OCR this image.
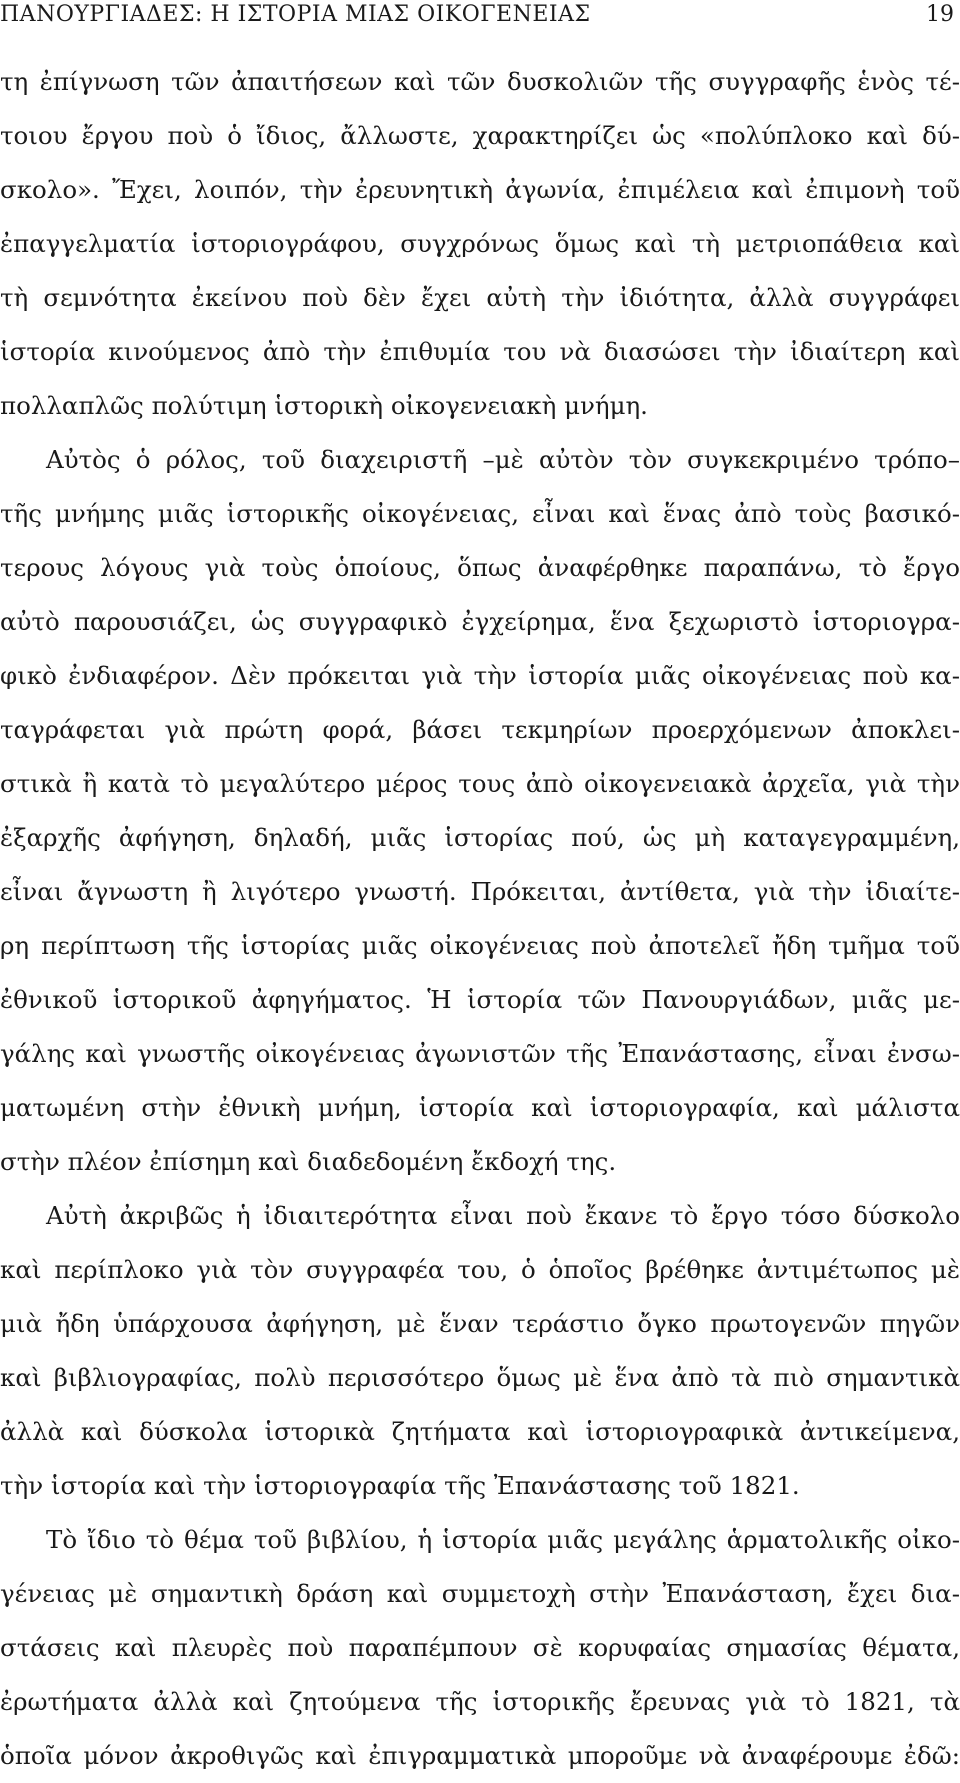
ΠΑΝΟΥΡΓΙΑΔΕΣ: Η ΙΣΤΟΡΙΑ ΜΙΑΣ ΟΙΚΟΓΕΝΕΙΑΣ	19
τη ἐπίγνωση τῶν ἀπαιτήσεων καὶ τῶν δυσκολιῶν τῆς συγγραφῆς ἑνὸς τέ-
τοιου ἔργου ποὺ ὁ ἴδιος, ἄλλωστε, χαρακτηρίζει ὡς «πολύπλοκο καὶ δύ-
σκολο». Ἔχει, λοιπόν, τὴν ἐρευνητικὴ ἀγωνία, ἐπιμέλεια καὶ ἐπιμονὴ τοῦ
ἐπαγγελματία ἱστοριογράφου, συγχρόνως ὅμως καὶ τὴ μετριοπάθεια καὶ
τὴ σεμνότητα ἐκείνου ποὺ δὲν ἔχει αὐτὴ τὴν ἰδιότητα, ἀλλὰ συγγράφει
ἱστορία κινούμενος ἀπὸ τὴν ἐπιθυμία του νὰ διασώσει τὴν ἰδιαίτερη καὶ
πολλαπλῶς πολύτιμη ἱστορικὴ οἰκογενειακὴ μνήμη.
Αὐτὸς ὁ ρόλος, τοῦ διαχειριστῆ –μὲ αὐτὸν τὸν συγκεκριμένο τρόπο–
τῆς μνήμης μιᾶς ἱστορικῆς οἰκογένειας, εἶναι καὶ ἕνας ἀπὸ τοὺς βασικό-
τερους λόγους γιὰ τοὺς ὁποίους, ὅπως ἀναφέρθηκε παραπάνω, τὸ ἔργο
αὐτὸ παρουσιάζει, ὡς συγγραφικὸ ἐγχείρημα, ἕνα ξεχωριστὸ ἱστοριογρα-
φικὸ ἐνδιαφέρον. Δὲν πρόκειται γιὰ τὴν ἱστορία μιᾶς οἰκογένειας ποὺ κα-
ταγράφεται γιὰ πρώτη φορά, βάσει τεκμηρίων προερχόμενων ἀποκλει-
στικὰ ἢ κατὰ τὸ μεγαλύτερο μέρος τους ἀπὸ οἰκογενειακὰ ἀρχεῖα, γιὰ τὴν
ἐξαρχῆς ἀφήγηση, δηλαδή, μιᾶς ἱστορίας πού, ὡς μὴ καταγεγραμμένη,
εἶναι ἄγνωστη ἢ λιγότερο γνωστή. Πρόκειται, ἀντίθετα, γιὰ τὴν ἰδιαίτε-
ρη περίπτωση τῆς ἱστορίας μιᾶς οἰκογένειας ποὺ ἀποτελεῖ ἤδη τμῆμα τοῦ
ἐθνικοῦ ἱστορικοῦ ἀφηγήματος. Ἡ ἱστορία τῶν Πανουργιάδων, μιᾶς με-
γάλης καὶ γνωστῆς οἰκογένειας ἀγωνιστῶν τῆς Ἐπανάστασης, εἶναι ἐνσω-
ματωμένη στὴν ἐθνικὴ μνήμη, ἱστορία καὶ ἱστοριογραφία, καὶ μάλιστα
στὴν πλέον ἐπίσημη καὶ διαδεδομένη ἔκδοχή της.
Αὐτὴ ἀκριβῶς ἡ ἰδιαιτερότητα εἶναι ποὺ ἔκανε τὸ ἔργο τόσο δύσκολο
καὶ περίπλοκο γιὰ τὸν συγγραφέα του, ὁ ὁποῖος βρέθηκε ἀντιμέτωπος μὲ
μιὰ ἤδη ὑπάρχουσα ἀφήγηση, μὲ ἕναν τεράστιο ὄγκο πρωτογενῶν πηγῶν
καὶ βιβλιογραφίας, πολὺ περισσότερο ὅμως μὲ ἕνα ἀπὸ τὰ πιὸ σημαντικὰ
ἀλλὰ καὶ δύσκολα ἱστορικὰ ζητήματα καὶ ἱστοριογραφικὰ ἀντικείμενα,
τὴν ἱστορία καὶ τὴν ἱστοριογραφία τῆς Ἐπανάστασης τοῦ 1821.
Τὸ ἴδιο τὸ θέμα τοῦ βιβλίου, ἡ ἱστορία μιᾶς μεγάλης ἁρματολικῆς οἰκο-
γένειας μὲ σημαντικὴ δράση καὶ συμμετοχὴ στὴν Ἐπανάσταση, ἔχει δια-
στάσεις καὶ πλευρὲς ποὺ παραπέμπουν σὲ κορυφαίας σημασίας θέματα,
ἐρωτήματα ἀλλὰ καὶ ζητούμενα τῆς ἱστορικῆς ἔρευνας γιὰ τὸ 1821, τὰ
ὁποῖα μόνον ἀκροθιγῶς καὶ ἐπιγραμματικὰ μποροῦμε νὰ ἀναφέρουμε ἐδῶ:
